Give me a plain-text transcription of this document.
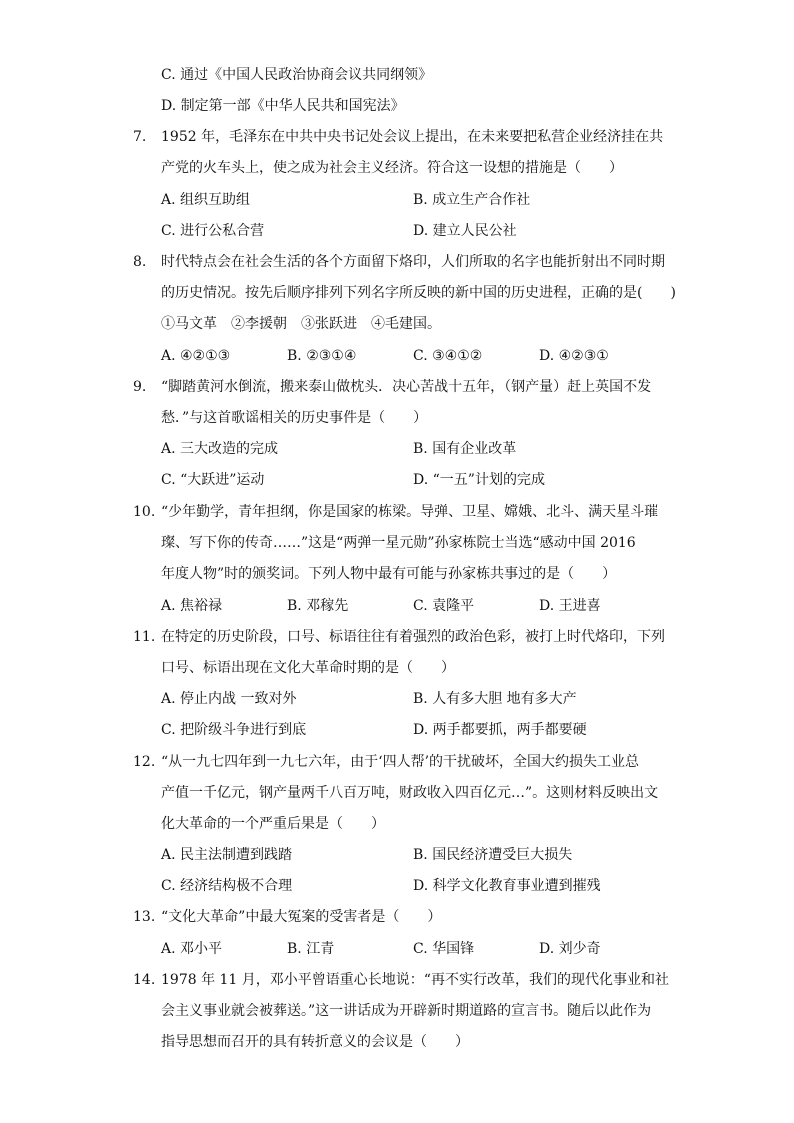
C. 通过《中国人民政治协商会议共同纲领》
D. 制定第一部《中华人民共和国宪法》
7. 1952 年，毛泽东在中共中央书记处会议上提出，在未来要把私营企业经济挂在共
产党的火车头上，使之成为社会主义经济。符合这一设想的措施是（　　）
A. 组织互助组	B. 成立生产合作社
C. 进行公私合营	D. 建立人民公社
8. 时代特点会在社会生活的各个方面留下烙印，人们所取的名字也能折射出不同时期
的历史情况。按先后顺序排列下列名字所反映的新中国的历史进程，正确的是(　　)
①马文革　②李援朝　③张跃进　④毛建国。
A. ④②①③	B. ②③①④	C. ③④①②	D. ④②③①
9. “脚踏黄河水倒流，搬来泰山做枕头．决心苦战十五年，（钢产量）赶上英国不发
愁．”与这首歌谣相关的历史事件是（　　）
A. 三大改造的完成	B. 国有企业改革
C. “大跃进”运动	D. “一五”计划的完成
10. “少年勤学，青年担纲，你是国家的栋梁。导弹、卫星、嫦娥、北斗、满天星斗璀
璨、写下你的传奇……”这是“两弹一星元勋”孙家栋院士当选“感动中国 2016
年度人物”时的颁奖词。下列人物中最有可能与孙家栋共事过的是（　　）
A. 焦裕禄	B. 邓稼先	C. 袁隆平	D. 王进喜
11. 在特定的历史阶段，口号、标语往往有着强烈的政治色彩，被打上时代烙印，下列
口号、标语出现在文化大革命时期的是（　　）
A. 停止内战 一致对外	B. 人有多大胆 地有多大产
C. 把阶级斗争进行到底	D. 两手都要抓，两手都要硬
12. “从一九七四年到一九七六年，由于‘四人帮’的干扰破坏，全国大约损失工业总
产值一千亿元，钢产量两千八百万吨，财政收入四百亿元…”。这则材料反映出文
化大革命的一个严重后果是（　　）
A. 民主法制遭到践踏	B. 国民经济遭受巨大损失
C. 经济结构极不合理	D. 科学文化教育事业遭到摧残
13. “文化大革命”中最大冤案的受害者是（　　）
A. 邓小平	B. 江青	C. 华国锋	D. 刘少奇
14. 1978 年 11 月，邓小平曾语重心长地说：“再不实行改革，我们的现代化事业和社
会主义事业就会被葬送。”这一讲话成为开辟新时期道路的宣言书。随后以此作为
指导思想而召开的具有转折意义的会议是（　　）
